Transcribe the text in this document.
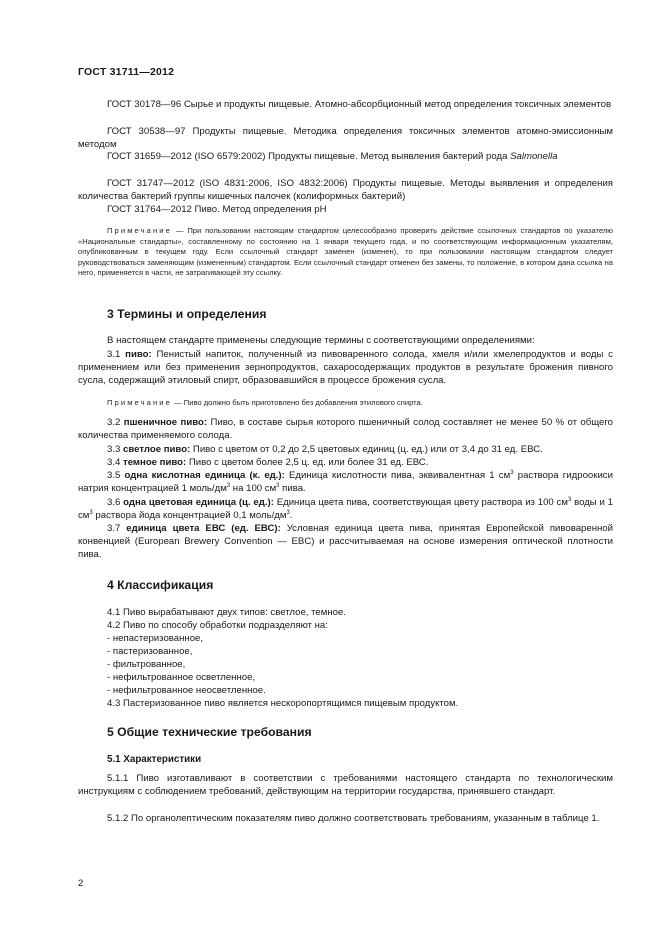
ГОСТ 31711—2012

ГОСТ 30178—96 Сырье и продукты пищевые. Атомно-абсорбционный метод определения токсичных элементов

ГОСТ 30538—97 Продукты пищевые. Методика определения токсичных элементов атомно-эмиссионным методом

ГОСТ 31659—2012 (ISO 6579:2002) Продукты пищевые. Метод выявления бактерий рода Salmonella

ГОСТ 31747—2012 (ISO 4831:2006, ISO 4832:2006) Продукты пищевые. Методы выявления и определения количества бактерий группы кишечных палочек (колиформных бактерий)

ГОСТ 31764—2012 Пиво. Метод определения pH

Примечание — При пользовании настоящим стандартом целесообразно проверить действие ссылочных стандартов по указателю «Национальные стандарты», составленному по состоянию на 1 января текущего года, и по соответствующим информационным указателям, опубликованным в текущем году. Если ссылочный стандарт заменен (изменен), то при пользовании настоящим стандартом следует руководствоваться заменяющим (измененным) стандартом. Если ссылочный стандарт отменен без замены, то положение, в котором дана ссылка на него, применяется в части, не затрагивающей эту ссылку.

3 Термины и определения

В настоящем стандарте применены следующие термины с соответствующими определениями:

3.1 пиво: Пенистый напиток, полученный из пивоваренного солода, хмеля и/или хмелепродуктов и воды с применением или без применения зернопродуктов, сахаросодержащих продуктов в результате брожения пивного сусла, содержащий этиловый спирт, образовавшийся в процессе брожения сусла.

Примечание — Пиво должно быть приготовлено без добавления этилового спирта.

3.2 пшеничное пиво: Пиво, в составе сырья которого пшеничный солод составляет не менее 50 % от общего количества применяемого солода.

3.3 светлое пиво: Пиво с цветом от 0,2 до 2,5 цветовых единиц (ц. ед.) или от 3,4 до 31 ед. ЕВС.

3.4 темное пиво: Пиво с цветом более 2,5 ц. ед. или более 31 ед. ЕВС.

3.5 одна кислотная единица (к. ед.): Единица кислотности пива, эквивалентная 1 $см^3$ раствора гидроокиси натрия концентрацией 1 моль/$дм^3$ на 100 $см^3$ пива.

3.6 одна цветовая единица (ц. ед.): Единица цвета пива, соответствующая цвету раствора из 100 $см^3$ воды и 1 $см^3$ раствора йода концентрацией 0,1 моль/$дм^3$.

3.7 единица цвета ЕВС (ед. ЕВС): Условная единица цвета пива, принятая Европейской пивоваренной конвенцией (European Brewery Convention — EBC) и рассчитываемая на основе измерения оптической плотности пива.

4 Классификация

4.1 Пиво вырабатывают двух типов: светлое, темное.

4.2 Пиво по способу обработки подразделяют на:

- непастеризованное,
- пастеризованное,
- фильтрованное,
- нефильтрованное осветленное,
- нефильтрованное неосветленное.

4.3 Пастеризованное пиво является нескоропортящимся пищевым продуктом.

5 Общие технические требования
5.1 Характеристики

5.1.1 Пиво изготавливают в соответствии с требованиями настоящего стандарта по технологическим инструкциям с соблюдением требований, действующим на территории государства, принявшего стандарт.

5.1.2 По органолептическим показателям пиво должно соответствовать требованиям, указанным в таблице 1.

2
